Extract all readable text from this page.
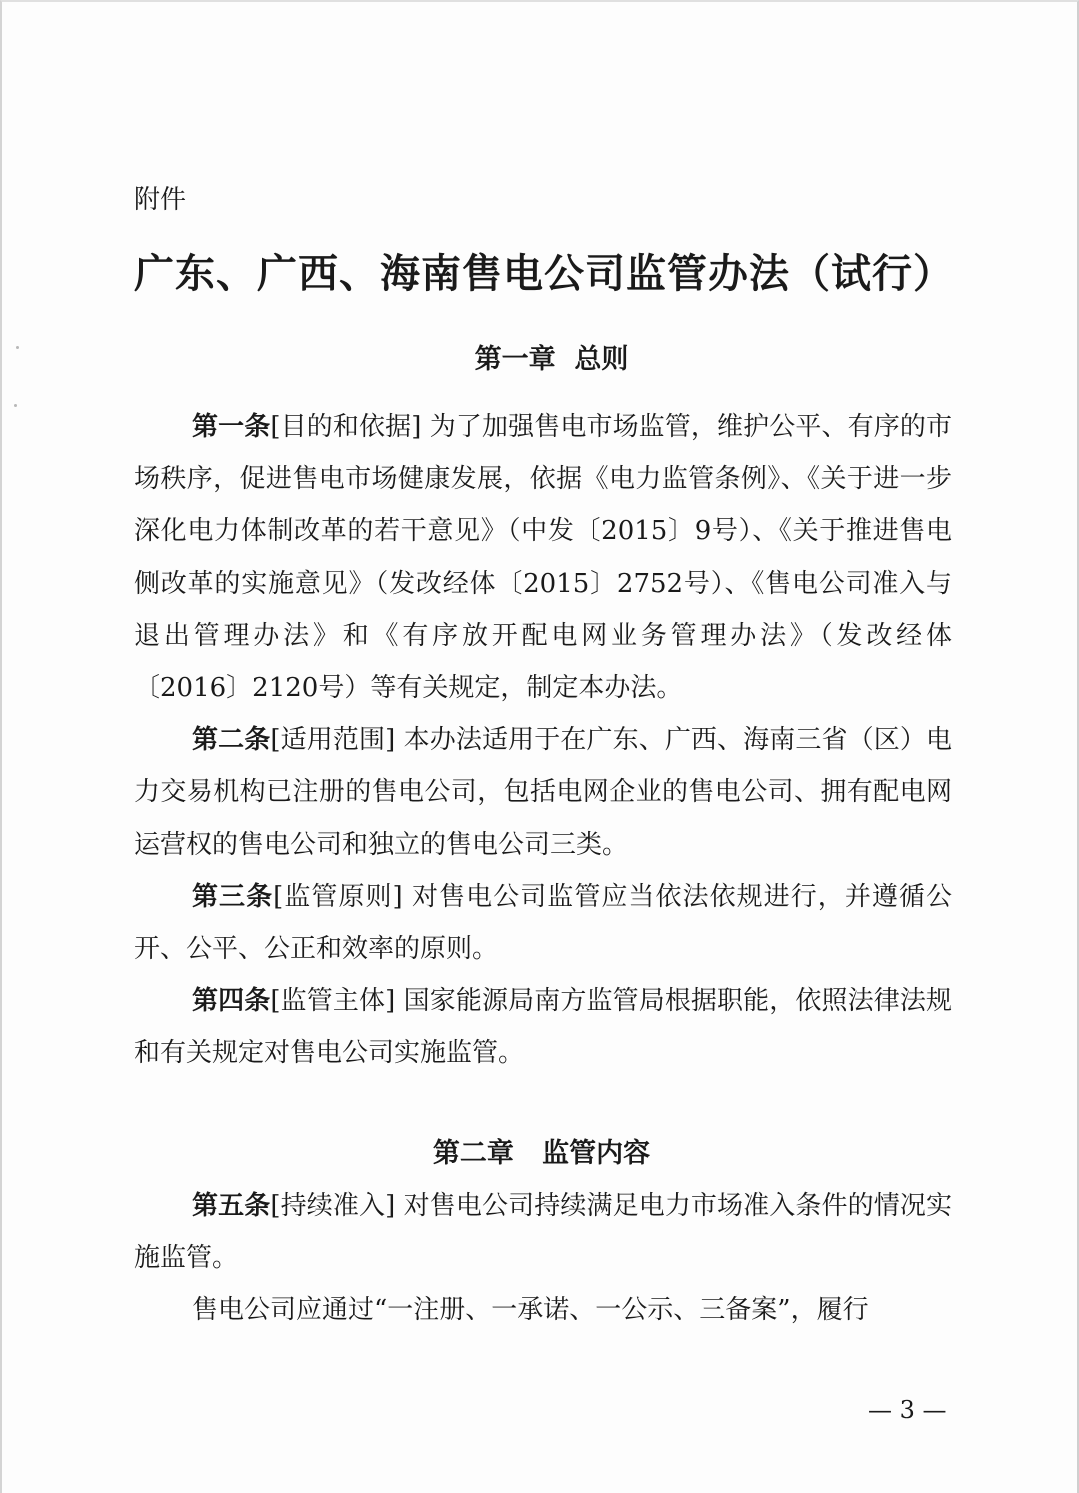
附件

广东、广西、海南售电公司监管办法（试行）
第一章  总则

第一条[目的和依据] 为了加强售电市场监管，维护公平、有序的市场秩序，促进售电市场健康发展，依据《电力监管条例》、《关于进一步深化电力体制改革的若干意见》（中发〔2015〕9号）、《关于推进售电侧改革的实施意见》（发改经体〔2015〕2752号）、《售电公司准入与退出管理办法》和《有序放开配电网业务管理办法》（发改经体〔2016〕2120号）等有关规定，制定本办法。

第二条[适用范围] 本办法适用于在广东、广西、海南三省（区）电力交易机构已注册的售电公司，包括电网企业的售电公司、拥有配电网运营权的售电公司和独立的售电公司三类。

第三条[监管原则] 对售电公司监管应当依法依规进行，并遵循公开、公平、公正和效率的原则。

第四条[监管主体] 国家能源局南方监管局根据职能，依照法律法规和有关规定对售电公司实施监管。

第二章   监管内容

第五条[持续准入] 对售电公司持续满足电力市场准入条件的情况实施监管。

售电公司应通过“一注册、一承诺、一公示、三备案”，履行

— 3 —
